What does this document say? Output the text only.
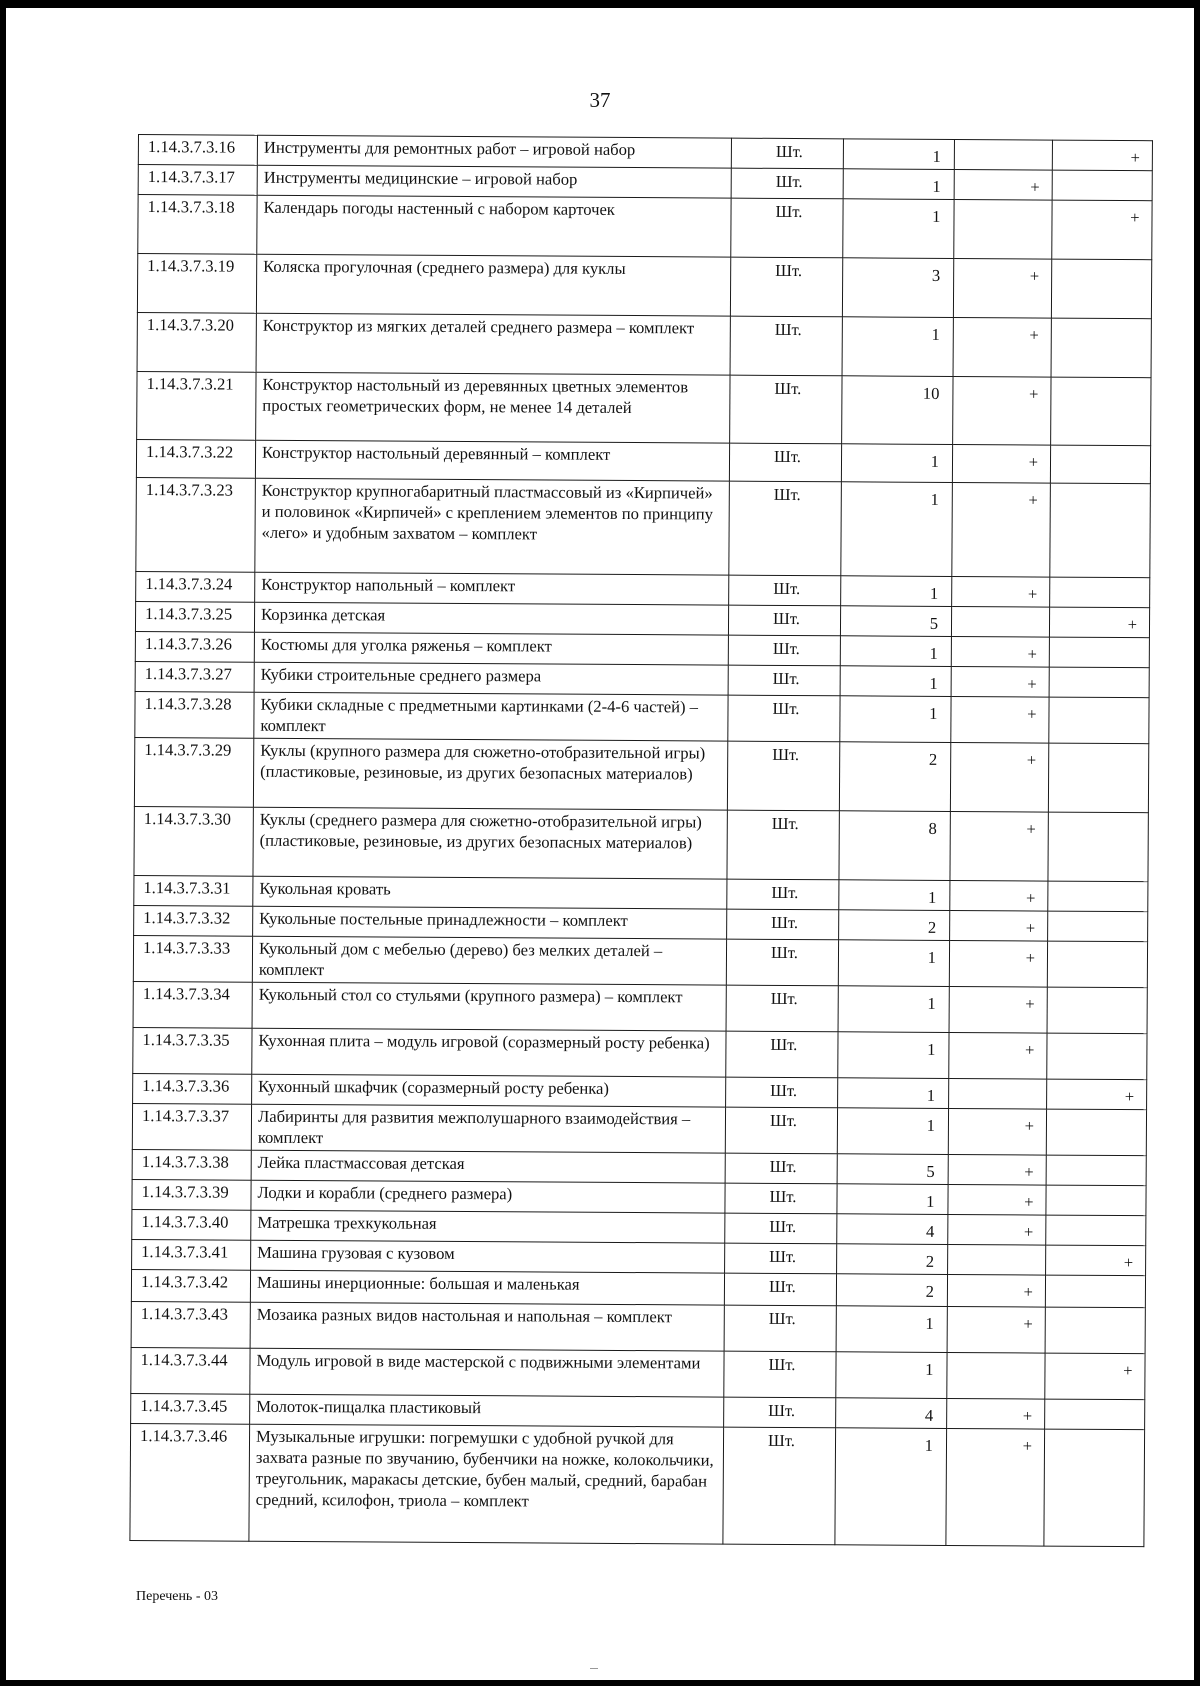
37
1.14.3.7.3.16	Инструменты для ремонтных работ – игровой набор	Шт.	1		+
1.14.3.7.3.17	Инструменты медицинские – игровой набор	Шт.	1	+	
1.14.3.7.3.18	Календарь погоды настенный с набором карточек	Шт.	1		+
1.14.3.7.3.19	Коляска прогулочная (среднего размера) для куклы	Шт.	3	+	
1.14.3.7.3.20	Конструктор из мягких деталей среднего размера – комплект	Шт.	1	+	
1.14.3.7.3.21	Конструктор настольный из деревянных цветных элементов простых геометрических форм, не менее 14 деталей	Шт.	10	+	
1.14.3.7.3.22	Конструктор настольный деревянный – комплект	Шт.	1	+	
1.14.3.7.3.23	Конструктор крупногабаритный пластмассовый из «Кирпичей» и половинок «Кирпичей» с креплением элементов по принципу «лего» и удобным захватом – комплект	Шт.	1	+	
1.14.3.7.3.24	Конструктор напольный – комплект	Шт.	1	+	
1.14.3.7.3.25	Корзинка детская	Шт.	5		+
1.14.3.7.3.26	Костюмы для уголка ряженья – комплект	Шт.	1	+	
1.14.3.7.3.27	Кубики строительные среднего размера	Шт.	1	+	
1.14.3.7.3.28	Кубики складные с предметными картинками (2-4-6 частей) – комплект	Шт.	1	+	
1.14.3.7.3.29	Куклы (крупного размера для сюжетно-отобразительной игры) (пластиковые, резиновые, из других безопасных материалов)	Шт.	2	+	
1.14.3.7.3.30	Куклы (среднего размера для сюжетно-отобразительной игры) (пластиковые, резиновые, из других безопасных материалов)	Шт.	8	+	
1.14.3.7.3.31	Кукольная кровать	Шт.	1	+	
1.14.3.7.3.32	Кукольные постельные принадлежности – комплект	Шт.	2	+	
1.14.3.7.3.33	Кукольный дом с мебелью (дерево) без мелких деталей – комплект	Шт.	1	+	
1.14.3.7.3.34	Кукольный стол со стульями (крупного размера) – комплект	Шт.	1	+	
1.14.3.7.3.35	Кухонная плита – модуль игровой (соразмерный росту ребенка)	Шт.	1	+	
1.14.3.7.3.36	Кухонный шкафчик (соразмерный росту ребенка)	Шт.	1		+
1.14.3.7.3.37	Лабиринты для развития межполушарного взаимодействия – комплект	Шт.	1	+	
1.14.3.7.3.38	Лейка пластмассовая детская	Шт.	5	+	
1.14.3.7.3.39	Лодки и корабли (среднего размера)	Шт.	1	+	
1.14.3.7.3.40	Матрешка трехкукольная	Шт.	4	+	
1.14.3.7.3.41	Машина грузовая с кузовом	Шт.	2		+
1.14.3.7.3.42	Машины инерционные: большая и маленькая	Шт.	2	+	
1.14.3.7.3.43	Мозаика разных видов настольная и напольная – комплект	Шт.	1	+	
1.14.3.7.3.44	Модуль игровой в виде мастерской с подвижными элементами	Шт.	1		+
1.14.3.7.3.45	Молоток-пищалка пластиковый	Шт.	4	+	
1.14.3.7.3.46	Музыкальные игрушки: погремушки с удобной ручкой для захвата разные по звучанию, бубенчики на ножке, колокольчики, треугольник, маракасы детские, бубен малый, средний, барабан средний, ксилофон, триола – комплект	Шт.	1	+	
Перечень - 03
